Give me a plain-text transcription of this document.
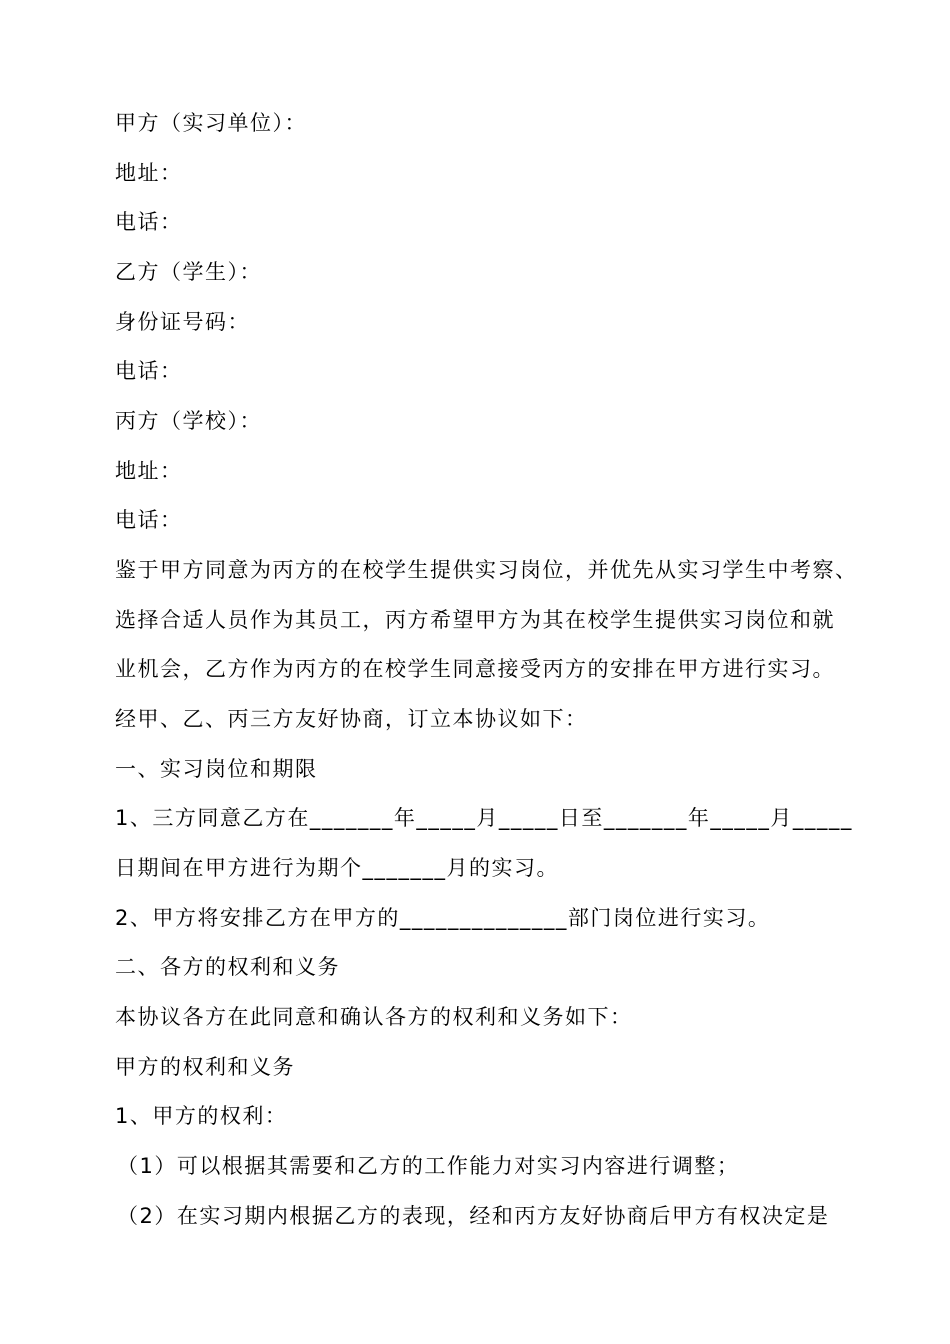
甲方（实习单位）：
地址：
电话：
乙方（学生）：
身份证号码：
电话：
丙方（学校）：
地址：
电话：
鉴于甲方同意为丙方的在校学生提供实习岗位，并优先从实习学生中考察、
选择合适人员作为其员工，丙方希望甲方为其在校学生提供实习岗位和就
业机会，乙方作为丙方的在校学生同意接受丙方的安排在甲方进行实习。
经甲、乙、丙三方友好协商，订立本协议如下：
一、实习岗位和期限
1、三方同意乙方在_______年_____月_____日至_______年_____月_____
日期间在甲方进行为期个_______月的实习。
2、甲方将安排乙方在甲方的______________部门岗位进行实习。
二、各方的权利和义务
本协议各方在此同意和确认各方的权利和义务如下：
甲方的权利和义务
1、甲方的权利：
（1）可以根据其需要和乙方的工作能力对实习内容进行调整；
（2）在实习期内根据乙方的表现，经和丙方友好协商后甲方有权决定是
